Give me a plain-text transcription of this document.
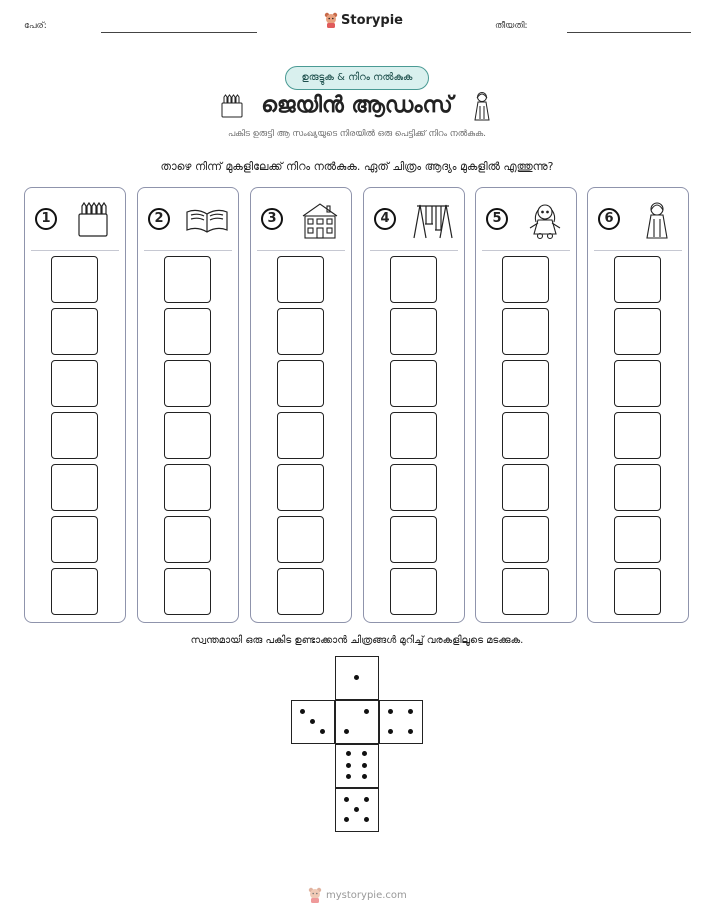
പേര്:	Storypie	തീയതി:
ഉരുട്ടുക & നിറം നൽകുക
ജെയിൻ ആഡംസ്
പകിട ഉരുട്ടി ആ സംഖ്യയുടെ നിരയിൽ ഒരു പെട്ടിക്ക് നിറം നൽകുക.
താഴെ നിന്ന് മുകളിലേക്ക് നിറം നൽകുക. ഏത് ചിത്രം ആദ്യം മുകളിൽ എത്തുന്നു?
1	2	3	4	5	6
സ്വന്തമായി ഒരു പകിട ഉണ്ടാക്കാൻ ചിത്രങ്ങൾ മുറിച്ച് വരകളിലൂടെ മടക്കുക.
mystorypie.com
